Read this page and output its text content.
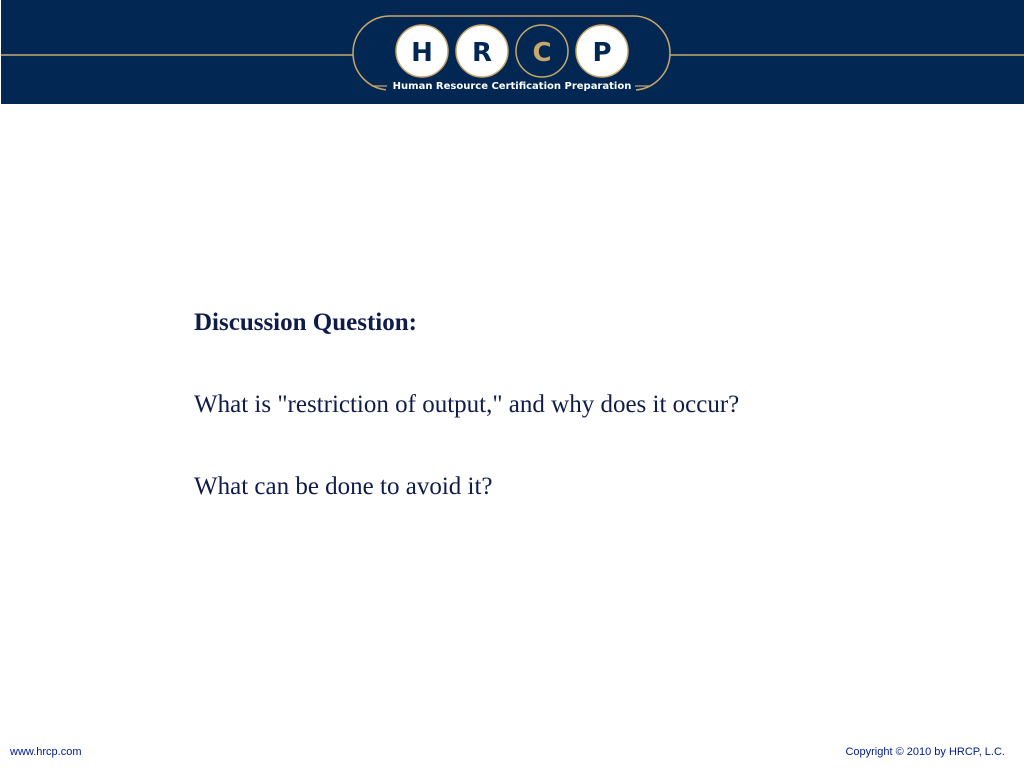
H R C P
Human Resource Certification Preparation

Discussion Question:

What is "restriction of output," and why does it occur?

What can be done to avoid it?

www.hrcp.com	Copyright © 2010 by HRCP, L.C.
